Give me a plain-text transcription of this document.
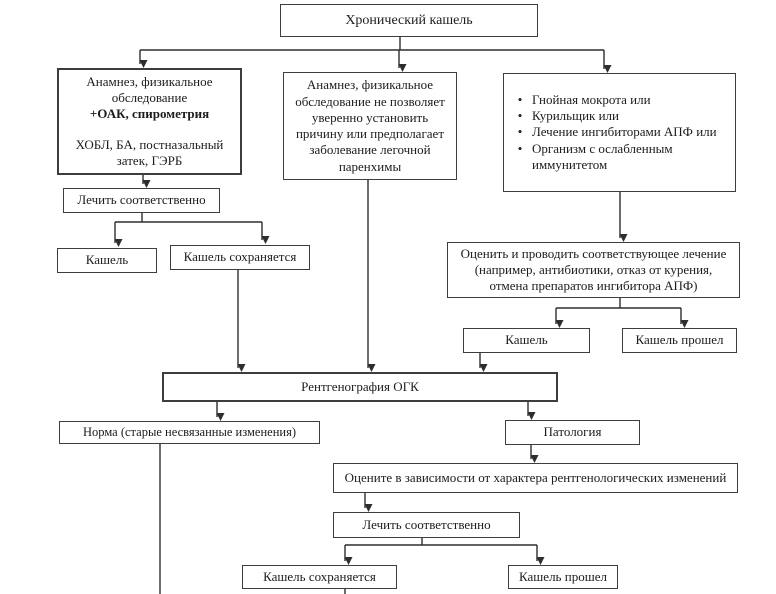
Хронический кашель
Анамнез, физикальное обследование
+ОАК, спирометрия
ХОБЛ, БА, постназальный затек, ГЭРБ
Анамнез, физикальное обследование не позволяет уверенно установить причину или предполагает заболевание легочной паренхимы
• Гнойная мокрота или
• Курильщик или
• Лечение ингибиторами АПФ или
• Организм с ослабленным иммунитетом
Лечить соответственно
Кашель	Кашель сохраняется	Оценить и проводить соответствующее лечение (например, антибиотики, отказ от курения, отмена препаратов ингибитора АПФ)
Кашель	Кашель прошел
Рентгенография ОГК
Норма (старые несвязанные изменения)	Патология
Оцените в зависимости от характера рентгенологических изменений
Лечить соответственно
Кашель сохраняется	Кашель прошел
